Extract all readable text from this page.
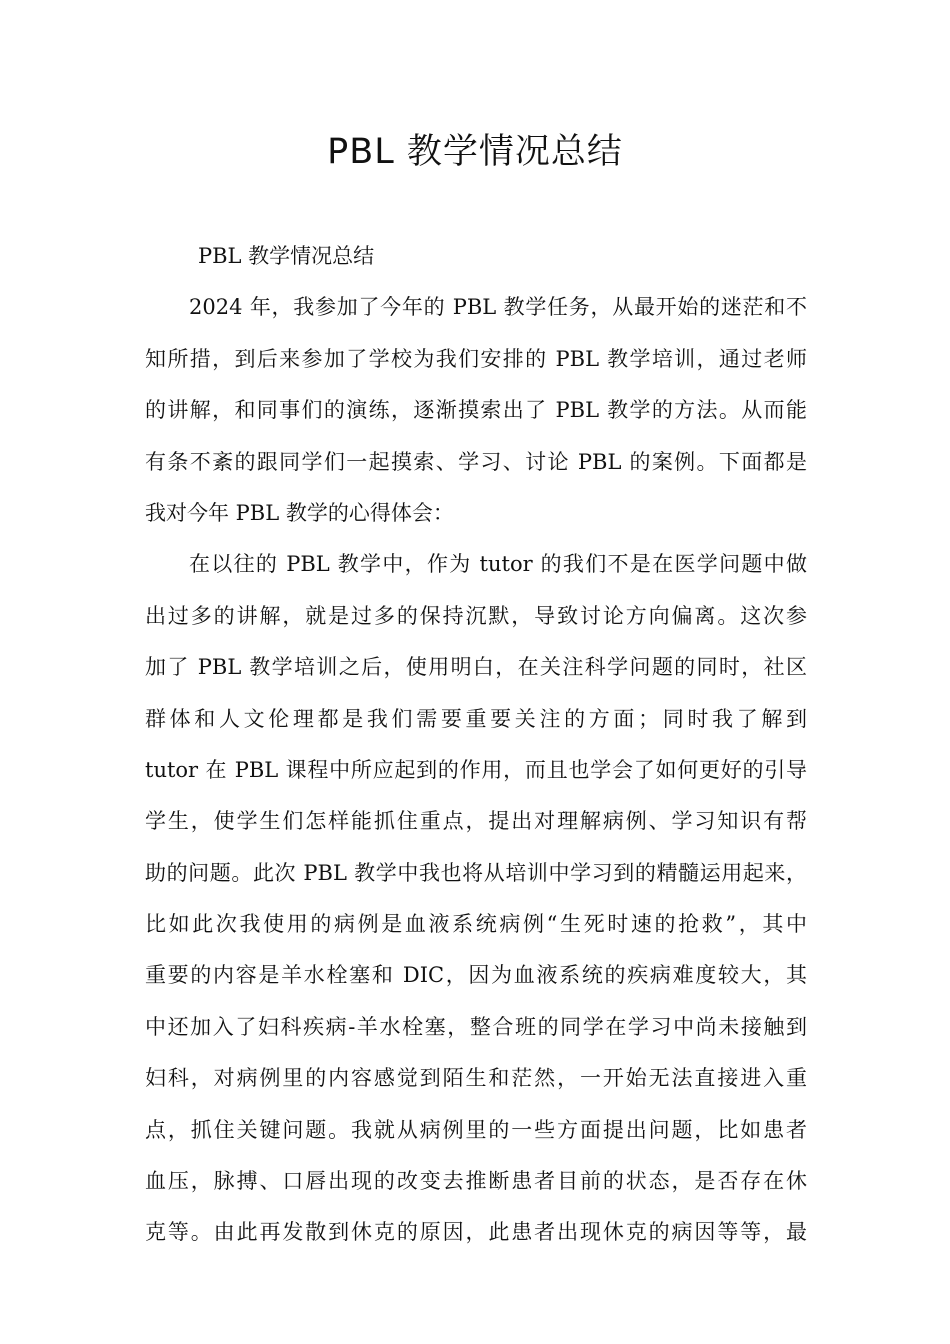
PBL 教学情况总结
PBL 教学情况总结
2024 年，我参加了今年的 PBL 教学任务，从最开始的迷茫和不
知所措，到后来参加了学校为我们安排的 PBL 教学培训，通过老师
的讲解，和同事们的演练，逐渐摸索出了 PBL 教学的方法。从而能
有条不紊的跟同学们一起摸索、学习、讨论 PBL 的案例。下面都是
我对今年 PBL 教学的心得体会：
在以往的 PBL 教学中，作为 tutor 的我们不是在医学问题中做
出过多的讲解，就是过多的保持沉默，导致讨论方向偏离。这次参
加了 PBL 教学培训之后，使用明白，在关注科学问题的同时，社区
群体和人文伦理都是我们需要重要关注的方面；同时我了解到
tutor 在 PBL 课程中所应起到的作用，而且也学会了如何更好的引导
学生，使学生们怎样能抓住重点，提出对理解病例、学习知识有帮
助的问题。此次 PBL 教学中我也将从培训中学习到的精髓运用起来，
比如此次我使用的病例是血液系统病例“生死时速的抢救”，其中
重要的内容是羊水栓塞和 DIC，因为血液系统的疾病难度较大，其
中还加入了妇科疾病-羊水栓塞，整合班的同学在学习中尚未接触到
妇科，对病例里的内容感觉到陌生和茫然，一开始无法直接进入重
点，抓住关键问题。我就从病例里的一些方面提出问题，比如患者
血压，脉搏、口唇出现的改变去推断患者目前的状态，是否存在休
克等。由此再发散到休克的原因，此患者出现休克的病因等等，最
